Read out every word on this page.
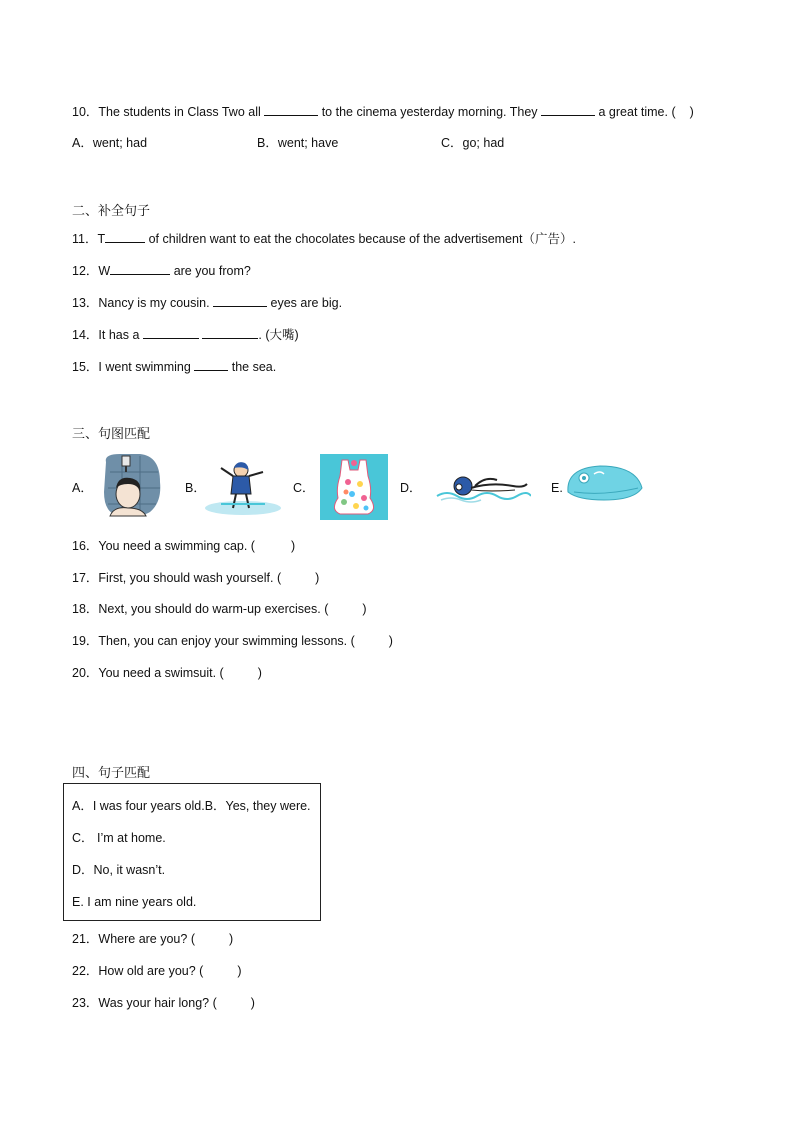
10．The students in Class Two all	to the cinema yesterday morning. They	a great time. ( )
A．went; had	B．went; have	C．go; had
二、补全句子
11．T	of children want to eat the chocolates because of the advertisement（广告）.
12．W	are you from?
13．Nancy is my cousin.	eyes are big.
14．It has a	. (大嘴)
15．I went swimming	the sea.
三、句图匹配
A．	B．	C．	D．	E.
16．You need a swimming cap. (	)
17．First, you should wash yourself. (	)
18．Next, you should do warm-up exercises. (	)
19．Then, you can enjoy your swimming lessons. (	)
20．You need a swimsuit. (	)
四、句子匹配
A．I was four years old.B．Yes, they were.
C． I’m at home.
D．No, it wasn’t.
E. I am nine years old.
21．Where are you? (	)
22．How old are you? (	)
23．Was your hair long? (	)
